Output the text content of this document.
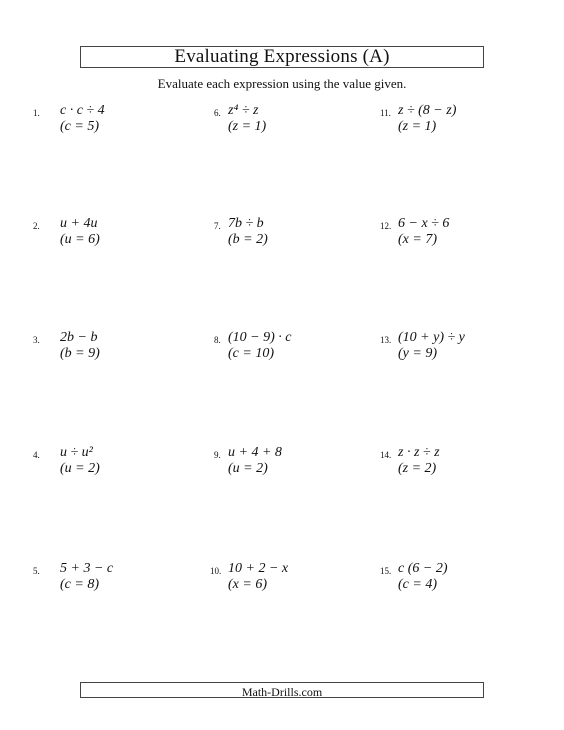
Evaluating Expressions (A)
Evaluate each expression using the value given.
1. c · c ÷ 4
(c = 5)
2. u + 4u
(u = 6)
3. 2b − b
(b = 9)
4. u ÷ u²
(u = 2)
5. 5 + 3 − c
(c = 8)
6. z⁴ ÷ z
(z = 1)
7. 7b ÷ b
(b = 2)
8. (10 − 9) · c
(c = 10)
9. u + 4 + 8
(u = 2)
10. 10 + 2 − x
(x = 6)
11. z ÷ (8 − z)
(z = 1)
12. 6 − x ÷ 6
(x = 7)
13. (10 + y) ÷ y
(y = 9)
14. z · z ÷ z
(z = 2)
15. c (6 − 2)
(c = 4)
Math-Drills.com
